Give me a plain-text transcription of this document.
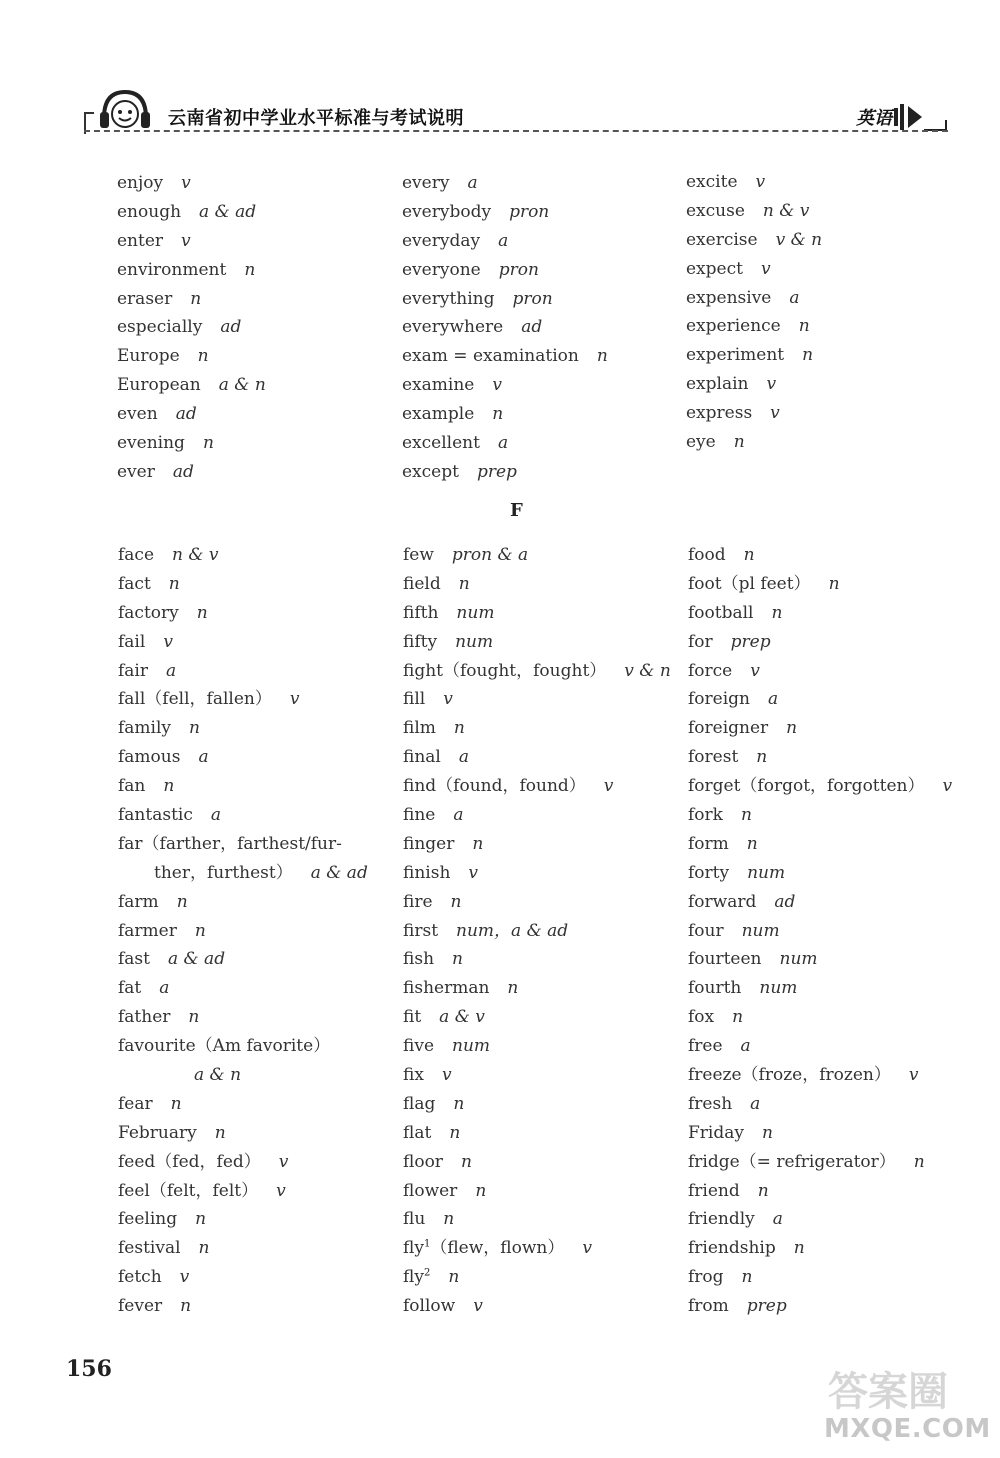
云南省初中学业水平标准与考试说明	英语
enjoy v
enough a & ad
enter v
environment n
eraser n
especially ad
Europe n
European a & n
even ad
evening n
ever ad
every a
everybody pron
everyday a
everyone pron
everything pron
everywhere ad
exam = examination n
examine v
example n
excellent a
except prep
excite v
excuse n & v
exercise v & n
expect v
expensive a
experience n
experiment n
explain v
express v
eye n
F
face n & v
fact n
factory n
fail v
fair a
fall（fell，fallen） v
family n
famous a
fan n
fantastic a
far（farther，farthest/fur-
ther，furthest） a & ad
farm n
farmer n
fast a & ad
fat a
father n
favourite（Am favorite）
a & n
fear n
February n
feed（fed，fed） v
feel（felt，felt） v
feeling n
festival n
fetch v
fever n
few pron & a
field n
fifth num
fifty num
fight（fought，fought） v & n
fill v
film n
final a
find（found，found） v
fine a
finger n
finish v
fire n
first num，a & ad
fish n
fisherman n
fit a & v
five num
fix v
flag n
flat n
floor n
flower n
flu n
fly$^1$（flew，flown） v
fly$^2$ n
follow v
food n
foot（pl feet） n
football n
for prep
force v
foreign a
foreigner n
forest n
forget（forgot，forgotten） v
fork n
form n
forty num
forward ad
four num
fourteen num
fourth num
fox n
free a
freeze（froze，frozen） v
fresh a
Friday n
fridge（= refrigerator） n
friend n
friendly a
friendship n
frog n
from prep
156	答案圈
MXQE.COM
